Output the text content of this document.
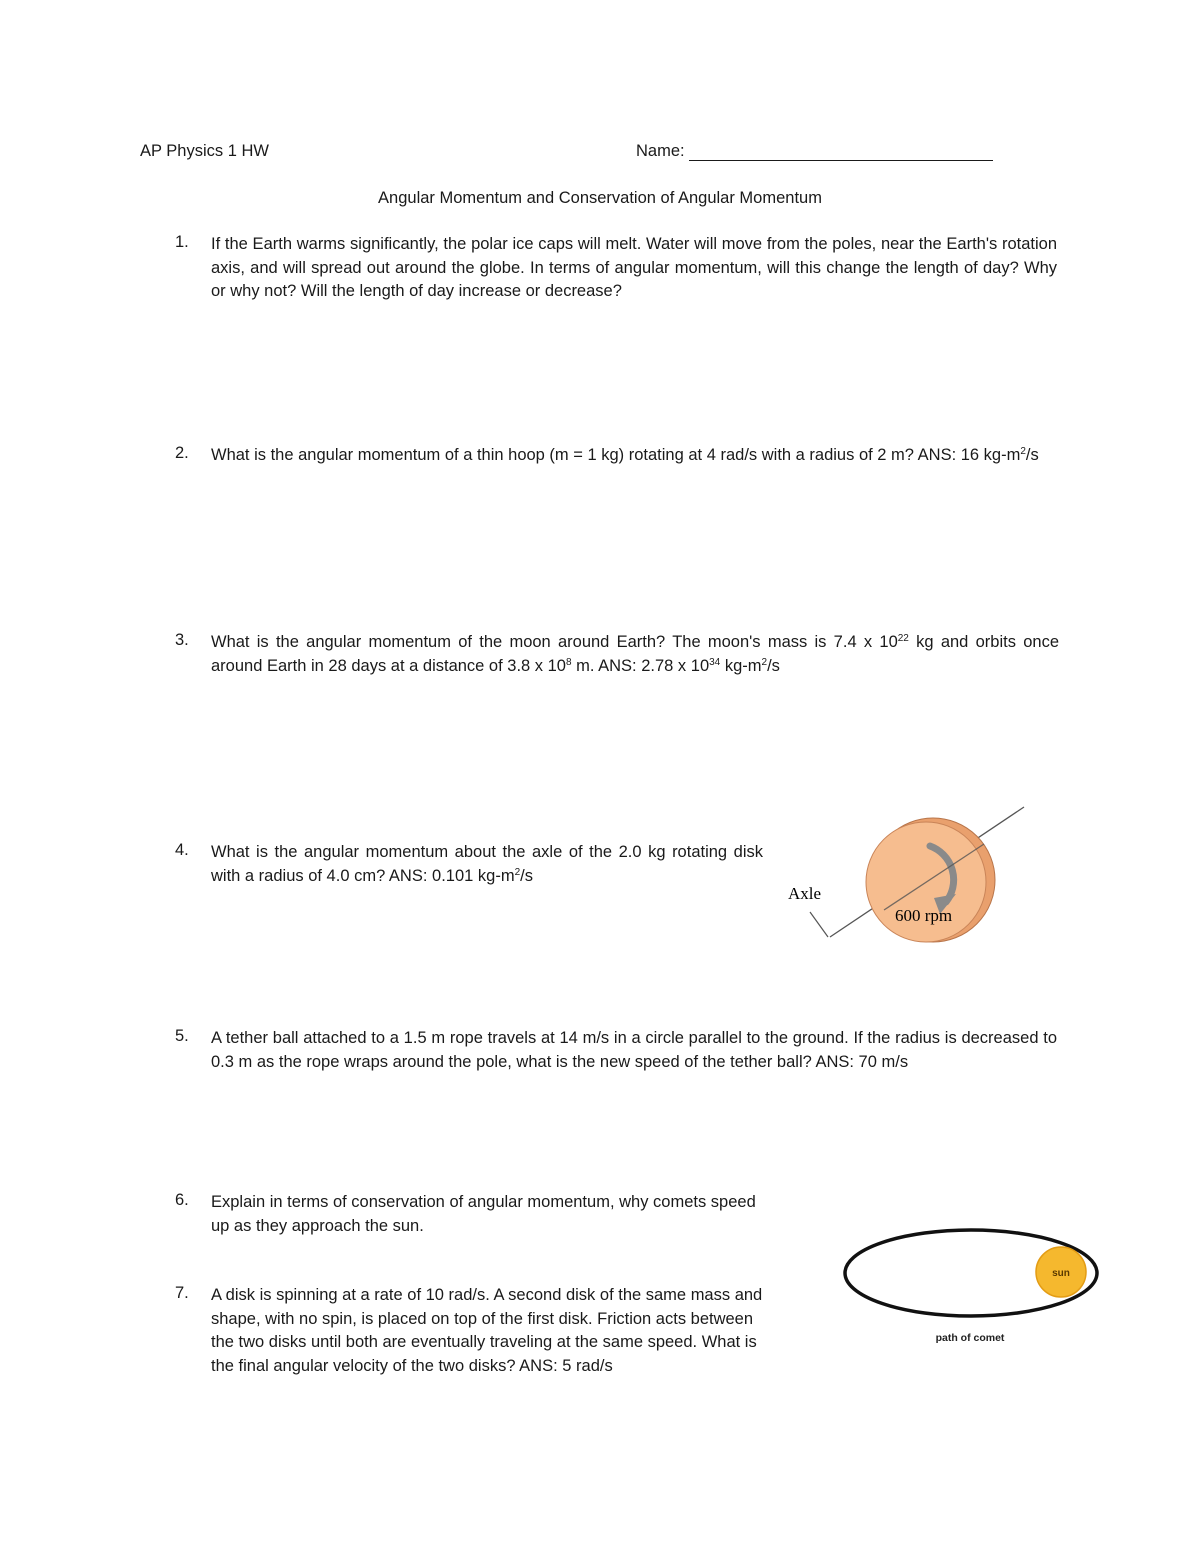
AP Physics 1 HW	Name:
Angular Momentum and Conservation of Angular Momentum
1. If the Earth warms significantly, the polar ice caps will melt. Water will move from the poles, near the Earth's rotation axis, and will spread out around the globe. In terms of angular momentum, will this change the length of day? Why or why not? Will the length of day increase or decrease?
2. What is the angular momentum of a thin hoop (m = 1 kg) rotating at 4 rad/s with a radius of 2 m? ANS: 16 $kg-m^2/s$
3. What is the angular momentum of the moon around Earth? The moon's mass is 7.4 x $10^{22}$ kg and orbits once around Earth in 28 days at a distance of 3.8 x $10^8$ m. ANS: 2.78 x $10^{34}$ $kg-m^2/s$
4. What is the angular momentum about the axle of the 2.0 kg rotating disk with a radius of 4.0 cm? ANS: 0.101 $kg-m^2/s$
Axle
600 rpm
5. A tether ball attached to a 1.5 m rope travels at 14 m/s in a circle parallel to the ground. If the radius is decreased to 0.3 m as the rope wraps around the pole, what is the new speed of the tether ball? ANS: 70 m/s
6. Explain in terms of conservation of angular momentum, why comets speed up as they approach the sun.
sun
path of comet
7. A disk is spinning at a rate of 10 rad/s. A second disk of the same mass and shape, with no spin, is placed on top of the first disk. Friction acts between the two disks until both are eventually traveling at the same speed. What is the final angular velocity of the two disks? ANS: 5 rad/s
